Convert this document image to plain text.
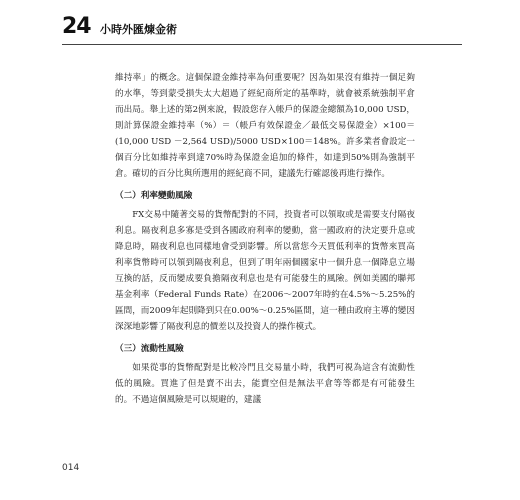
24 小時外匯煉金術

維持率」的概念。這個保證金維持率為何重要呢？因為如果沒有維持一個足夠的水準，等到蒙受損失太大超過了經紀商所定的基準時，就會被系統強制平倉而出局。舉上述的第2例來說，假設您存入帳戶的保證金總額為10,000 USD，則計算保證金維持率（%）＝（帳戶有效保證金／最低交易保證金）×100＝(10,000 USD －2,564 USD)/5000 USD×100＝148%。許多業者會設定一個百分比如維持率到達70%時為保證金追加的條件，如達到50%則為強制平倉。確切的百分比與所選用的經紀商不同，建議先行確認後再進行操作。

（二）利率變動風險

FX交易中隨著交易的貨幣配對的不同，投資者可以領取或是需要支付隔夜利息。隔夜利息多寡是受到各國政府利率的變動，當一國政府的決定要升息或降息時，隔夜利息也同樣地會受到影響。所以當您今天買低利率的貨幣來買高利率貨幣時可以領到隔夜利息，但到了明年兩個國家中一個升息一個降息立場互換的話，反而變成要負擔隔夜利息也是有可能發生的風險。例如美國的聯邦基金利率（Federal Funds Rate）在2006～2007年時約在4.5%～5.25%的區間，而2009年起則降到只在0.00%～0.25%區間，這一種由政府主導的變因深深地影響了隔夜利息的價差以及投資人的操作模式。

（三）流動性風險

如果從事的貨幣配對是比較冷門且交易量小時，我們可視為這含有流動性低的風險。買進了但是賣不出去，能賣空但是無法平倉等等都是有可能發生的。不過這個風險是可以規避的，建議

014
